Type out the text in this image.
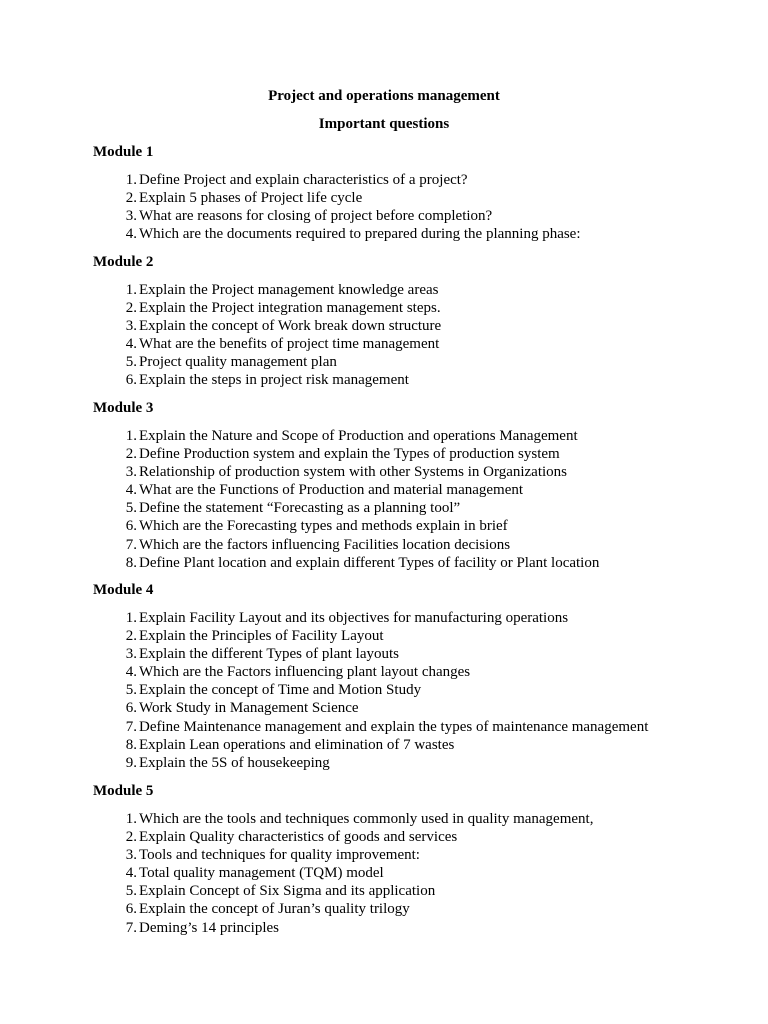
Project and operations management
Important questions
Module 1
1. Define Project and explain characteristics of a project?
2. Explain 5 phases of Project life cycle
3. What are reasons for closing of project before completion?
4. Which are the documents required to prepared during the planning phase:
Module 2
1. Explain the Project management knowledge areas
2. Explain the Project integration management steps.
3. Explain the concept of Work break down structure
4. What are the benefits of project time management
5. Project quality management plan
6. Explain the steps in project risk management
Module 3
1. Explain the Nature and Scope of Production and operations Management
2. Define Production system and explain the Types of production system
3. Relationship of production system with other Systems in Organizations
4. What are the Functions of Production and material management
5. Define the statement “Forecasting as a planning tool”
6. Which are the Forecasting types and methods explain in brief
7. Which are the factors influencing Facilities location decisions
8. Define Plant location and explain different Types of facility or Plant location
Module 4
1. Explain Facility Layout and its objectives for manufacturing operations
2. Explain the Principles of Facility Layout
3. Explain the different Types of plant layouts
4. Which are the Factors influencing plant layout changes
5. Explain the concept of Time and Motion Study
6. Work Study in Management Science
7. Define Maintenance management and explain the types of maintenance management
8. Explain Lean operations and elimination of 7 wastes
9. Explain the 5S of housekeeping
Module 5
1. Which are the tools and techniques commonly used in quality management,
2. Explain Quality characteristics of goods and services
3. Tools and techniques for quality improvement:
4. Total quality management (TQM) model
5. Explain Concept of Six Sigma and its application
6. Explain the concept of Juran’s quality trilogy
7. Deming’s 14 principles
